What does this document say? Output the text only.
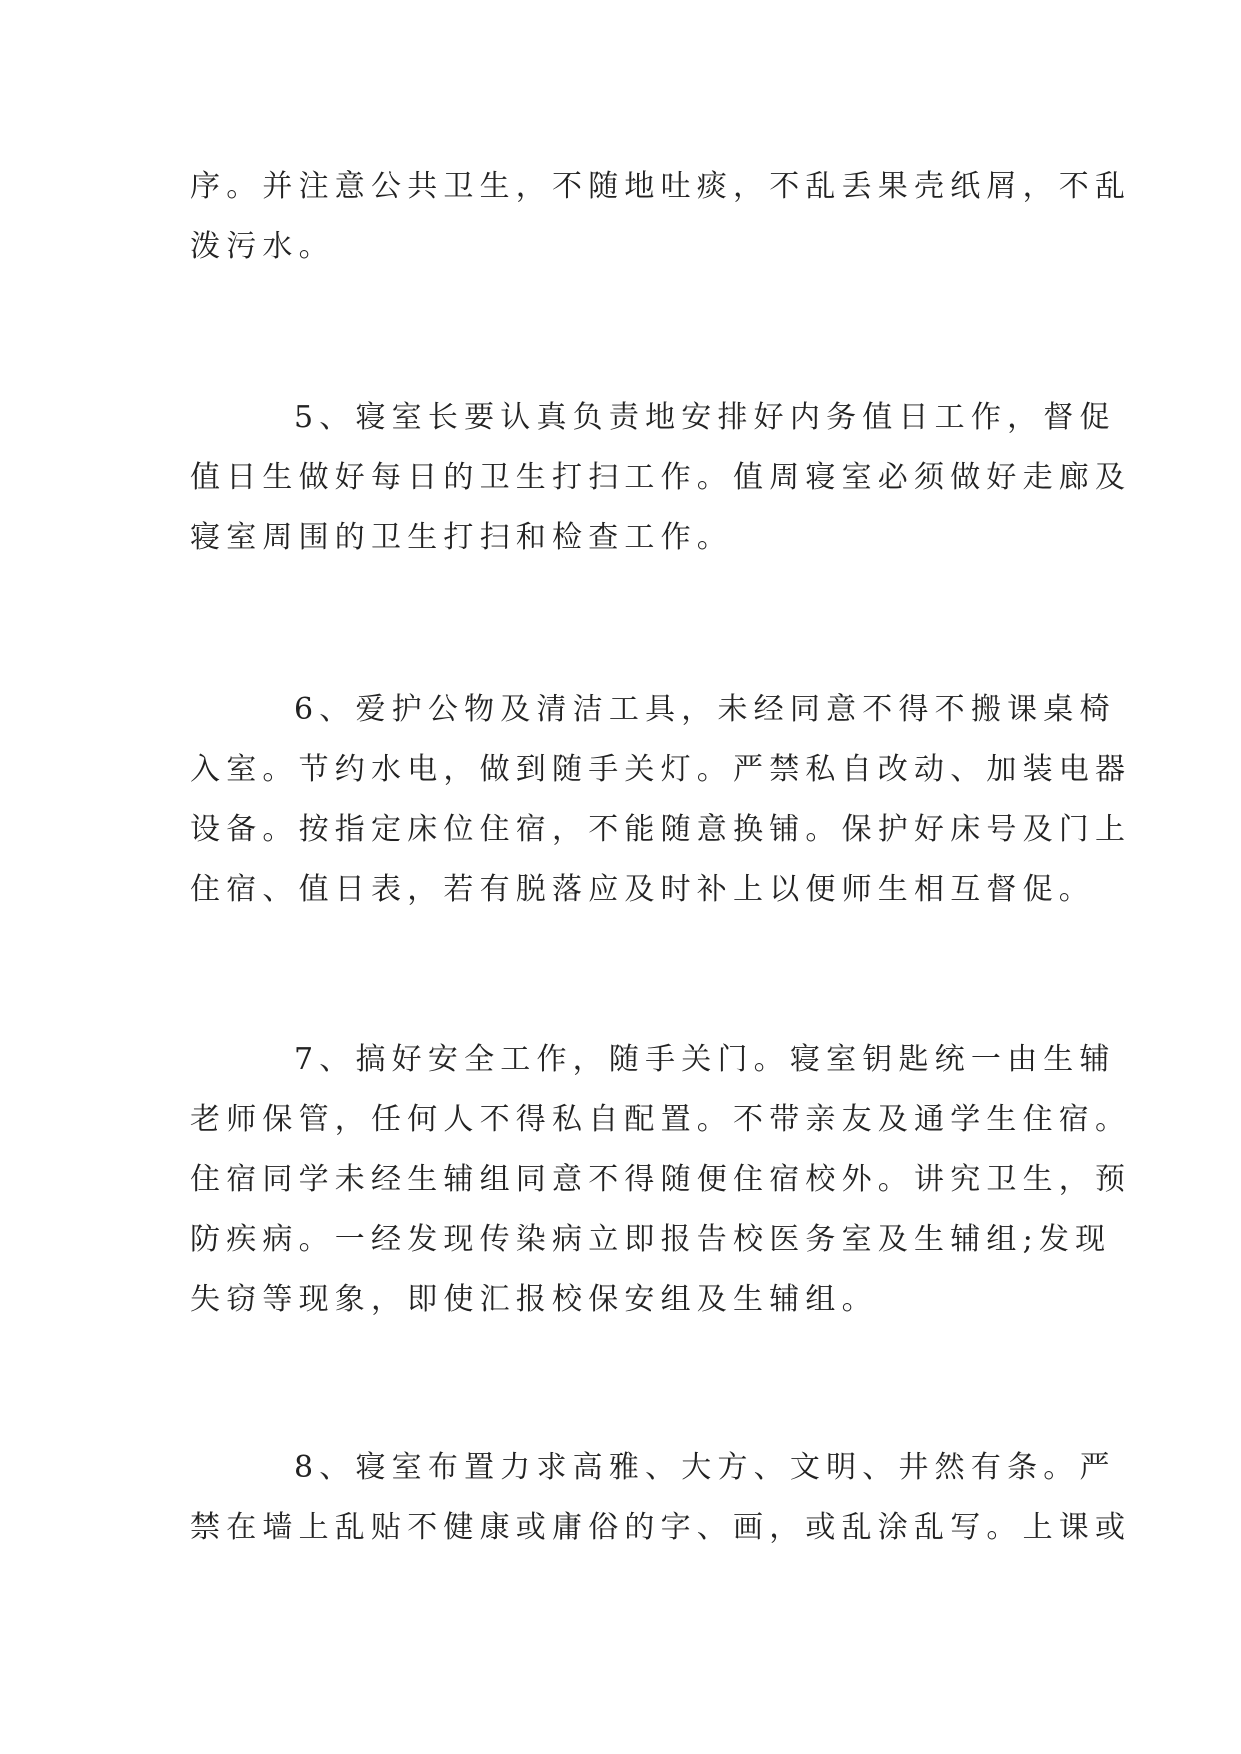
序。并注意公共卫生，不随地吐痰，不乱丢果壳纸屑，不乱
泼污水。
5、寝室长要认真负责地安排好内务值日工作，督促
值日生做好每日的卫生打扫工作。值周寝室必须做好走廊及
寝室周围的卫生打扫和检查工作。
6、爱护公物及清洁工具，未经同意不得不搬课桌椅
入室。节约水电，做到随手关灯。严禁私自改动、加装电器
设备。按指定床位住宿，不能随意换铺。保护好床号及门上
住宿、值日表，若有脱落应及时补上以便师生相互督促。
7、搞好安全工作，随手关门。寝室钥匙统一由生辅
老师保管，任何人不得私自配置。不带亲友及通学生住宿。
住宿同学未经生辅组同意不得随便住宿校外。讲究卫生，预
防疾病。一经发现传染病立即报告校医务室及生辅组;发现
失窃等现象，即使汇报校保安组及生辅组。
8、寝室布置力求高雅、大方、文明、井然有条。严
禁在墙上乱贴不健康或庸俗的字、画，或乱涂乱写。上课或
